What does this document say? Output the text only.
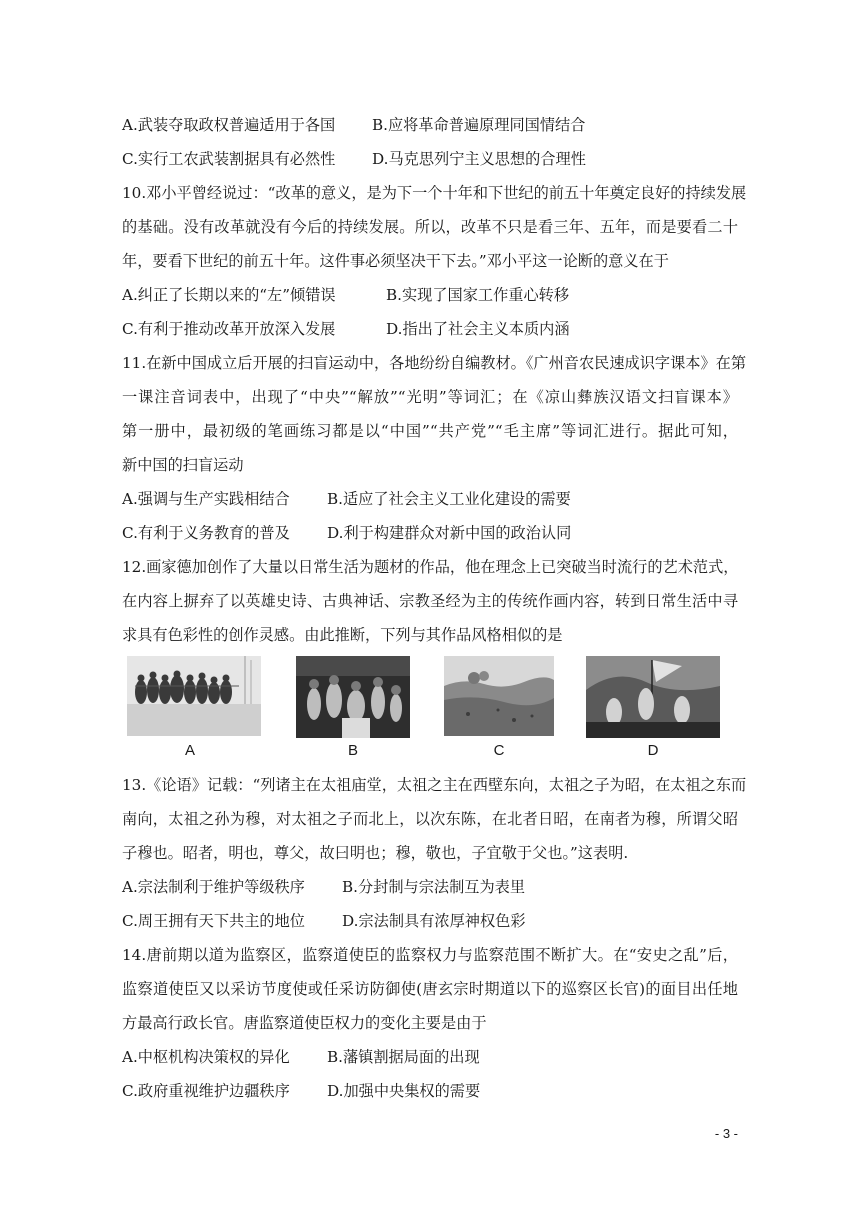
A.武装夺取政权普遍适用于各国	B.应将革命普遍原理同国情结合
C.实行工农武装割据具有必然性	D.马克思列宁主义思想的合理性
10.邓小平曾经说过：“改革的意义，是为下一个十年和下世纪的前五十年奠定良好的持续发展
的基础。没有改革就没有今后的持续发展。所以，改革不只是看三年、五年，而是要看二十
年，要看下世纪的前五十年。这件事必须坚决干下去。”邓小平这一论断的意义在于
A.纠正了长期以来的“左”倾错误	B.实现了国家工作重心转移
C.有利于推动改革开放深入发展	D.指出了社会主义本质内涵
11.在新中国成立后开展的扫盲运动中，各地纷纷自编教材。《广州音农民速成识字课本》在第
一课注音词表中，出现了“中央”“解放”“光明”等词汇；在《凉山彝族汉语文扫盲课本》
第一册中，最初级的笔画练习都是以“中国”“共产党”“毛主席”等词汇进行。据此可知，
新中国的扫盲运动
A.强调与生产实践相结合	B.适应了社会主义工业化建设的需要
C.有利于义务教育的普及	D.利于构建群众对新中国的政治认同
12.画家德加创作了大量以日常生活为题材的作品，他在理念上已突破当时流行的艺术范式，
在内容上摒弃了以英雄史诗、古典神话、宗教圣经为主的传统作画内容，转到日常生活中寻
求具有色彩性的创作灵感。由此推断，下列与其作品风格相似的是
A	B	C	D
13.《论语》记载：“列诸主在太祖庙堂，太祖之主在西壁东向，太祖之子为昭，在太祖之东而
南向，太祖之孙为穆，对太祖之子而北上，以次东陈，在北者日昭，在南者为穆，所谓父昭
子穆也。昭者，明也，尊父，故曰明也；穆，敬也，子宜敬于父也。”这表明.
A.宗法制利于维护等级秩序	B.分封制与宗法制互为表里
C.周王拥有天下共主的地位	D.宗法制具有浓厚神权色彩
14.唐前期以道为监察区，监察道使臣的监察权力与监察范围不断扩大。在“安史之乱”后，
监察道使臣又以采访节度使或任采访防御使(唐玄宗时期道以下的巡察区长官)的面目出任地
方最高行政长官。唐监察道使臣权力的变化主要是由于
A.中枢机构决策权的异化	B.藩镇割据局面的出现
C.政府重视维护边疆秩序	D.加强中央集权的需要
- 3 -
